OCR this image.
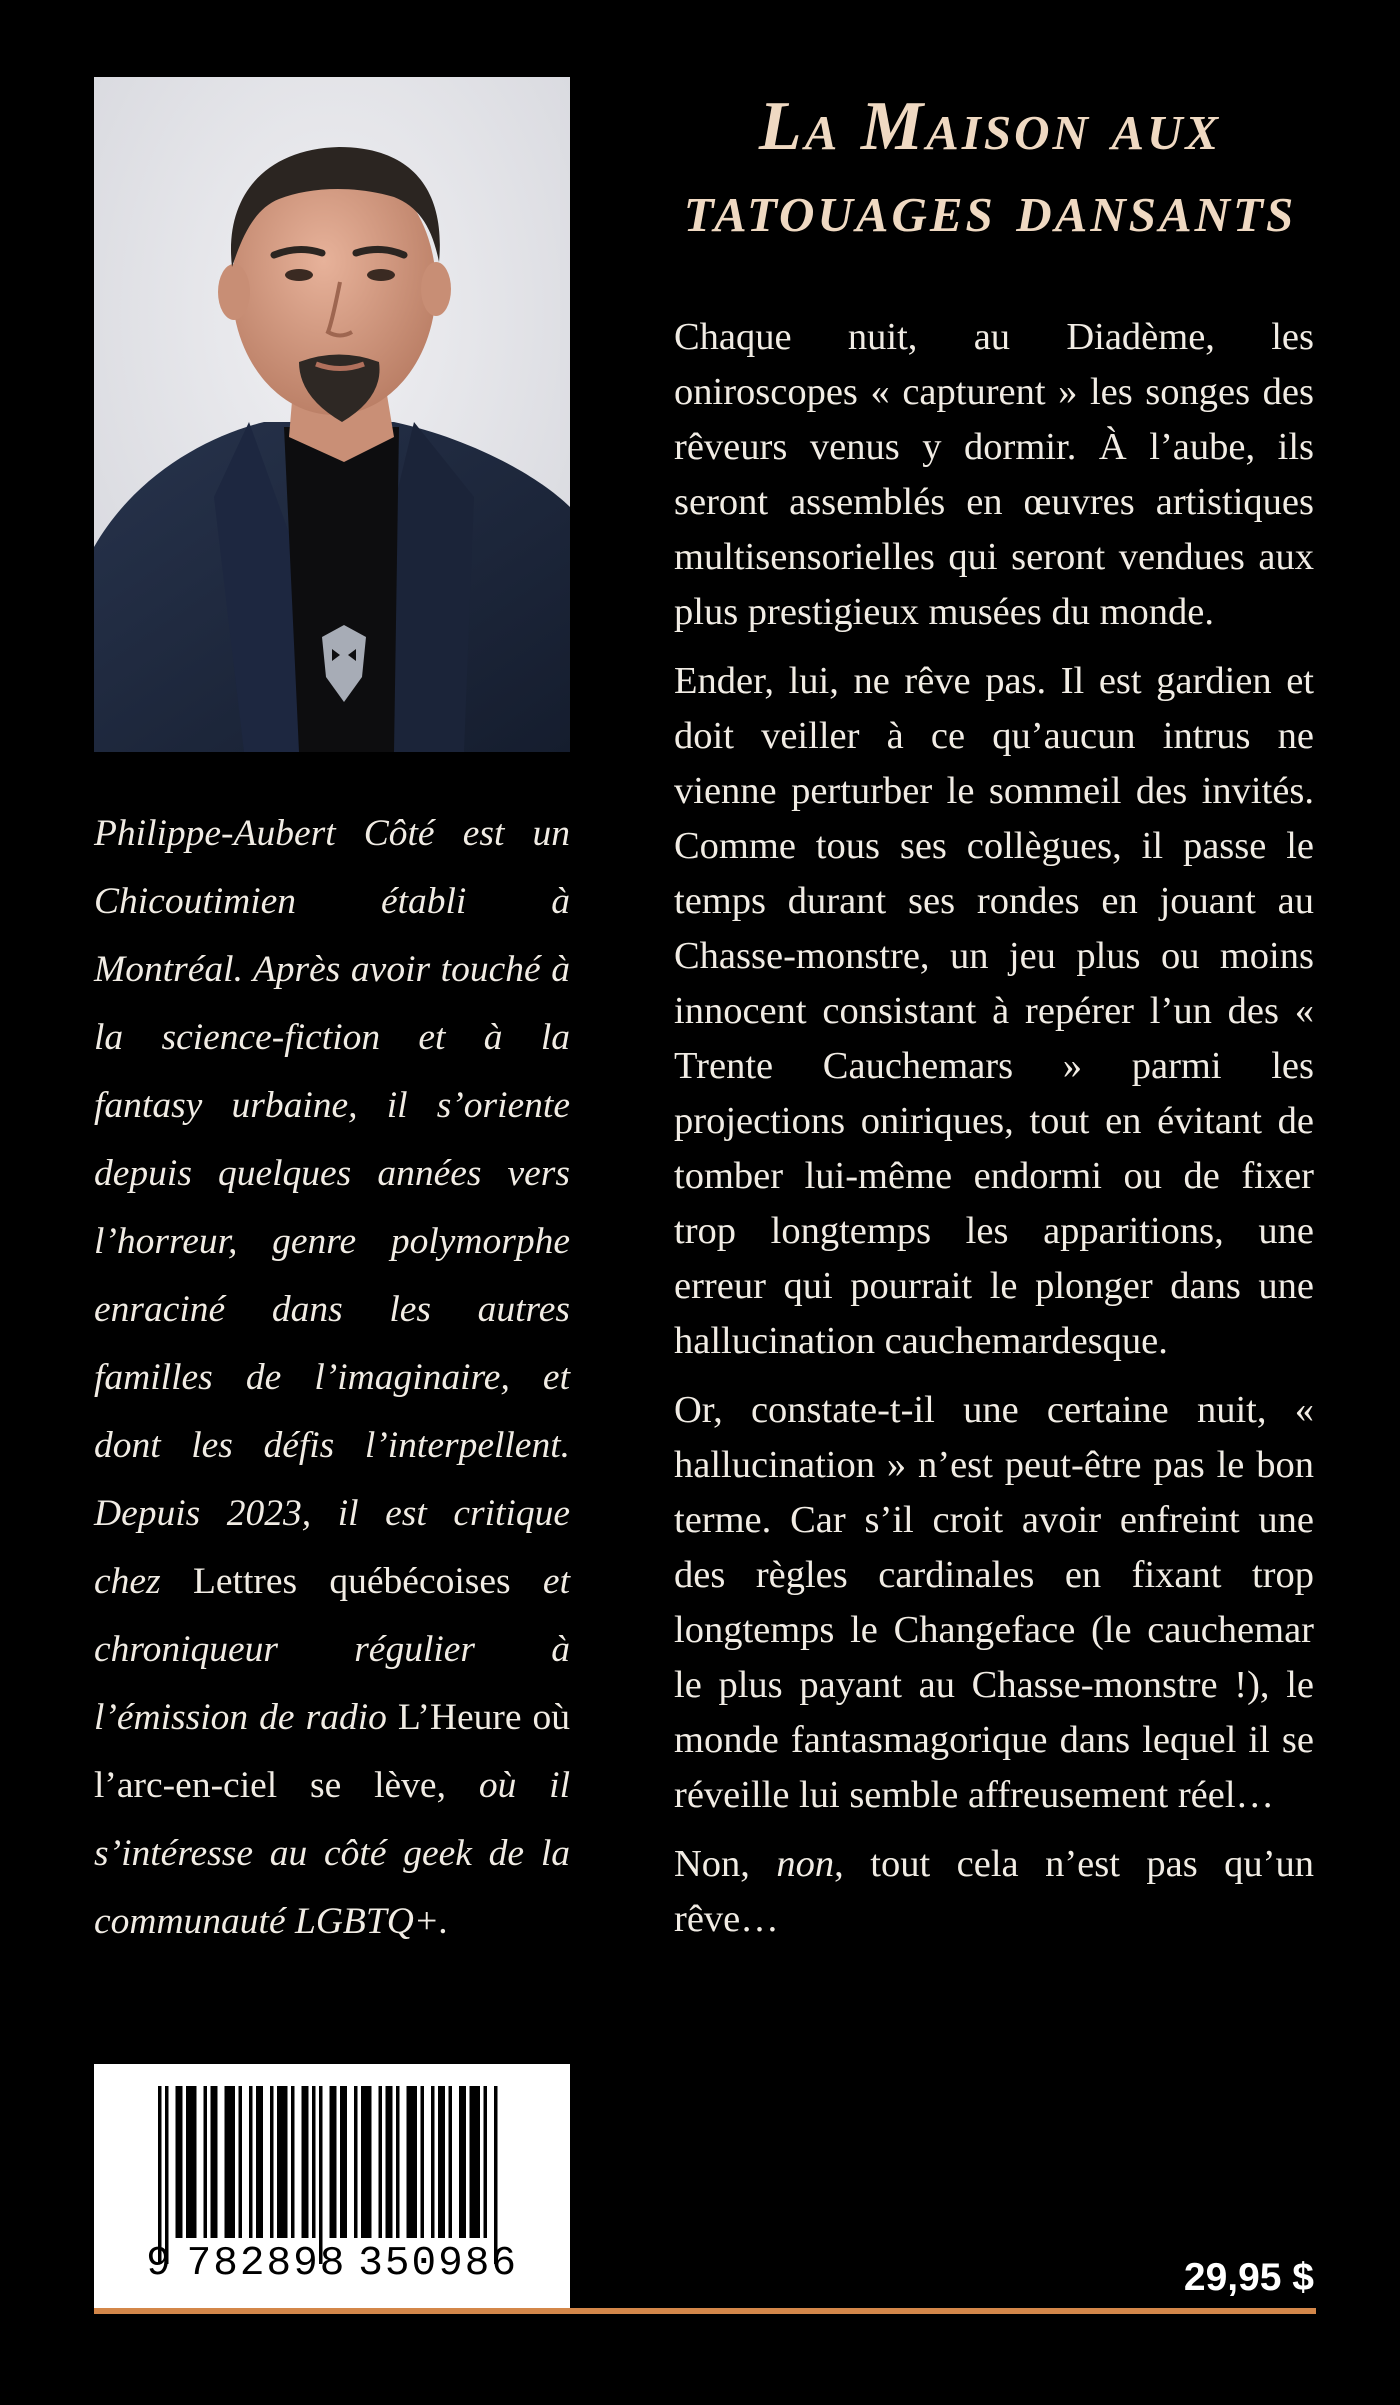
Philippe-Aubert Côté est un Chicoutimien établi à Montréal. Après avoir touché à la science-fiction et à la fantasy urbaine, il s’oriente depuis quelques années vers l’horreur, genre polymorphe enraciné dans les autres familles de l’imaginaire, et dont les défis l’interpellent. Depuis 2023, il est critique chez Lettres québécoises et chroniqueur régulier à l’émission de radio L’Heure où l’arc-en-ciel se lève, où il s’intéresse au côté geek de la communauté LGBTQ+.
9 782898 350986
La Maison aux
tatouages dansants

Chaque nuit, au Diadème, les oniroscopes « capturent » les songes des rêveurs venus y dormir. À l’aube, ils seront assemblés en œuvres artistiques multisensorielles qui seront vendues aux plus prestigieux musées du monde.

Ender, lui, ne rêve pas. Il est gardien et doit veiller à ce qu’aucun intrus ne vienne perturber le sommeil des invités. Comme tous ses collègues, il passe le temps durant ses rondes en jouant au Chasse-monstre, un jeu plus ou moins innocent consistant à repérer l’un des « Trente Cauchemars » parmi les projections oniriques, tout en évitant de tomber lui-même endormi ou de fixer trop longtemps les apparitions, une erreur qui pourrait le plonger dans une hallucination cauchemardesque.

Or, constate-t-il une certaine nuit, « hallucination » n’est peut-être pas le bon terme. Car s’il croit avoir enfreint une des règles cardinales en fixant trop longtemps le Changeface (le cauchemar le plus payant au Chasse-monstre !), le monde fantasmagorique dans lequel il se réveille lui semble affreusement réel…

Non, non, tout cela n’est pas qu’un rêve…

29,95 $
